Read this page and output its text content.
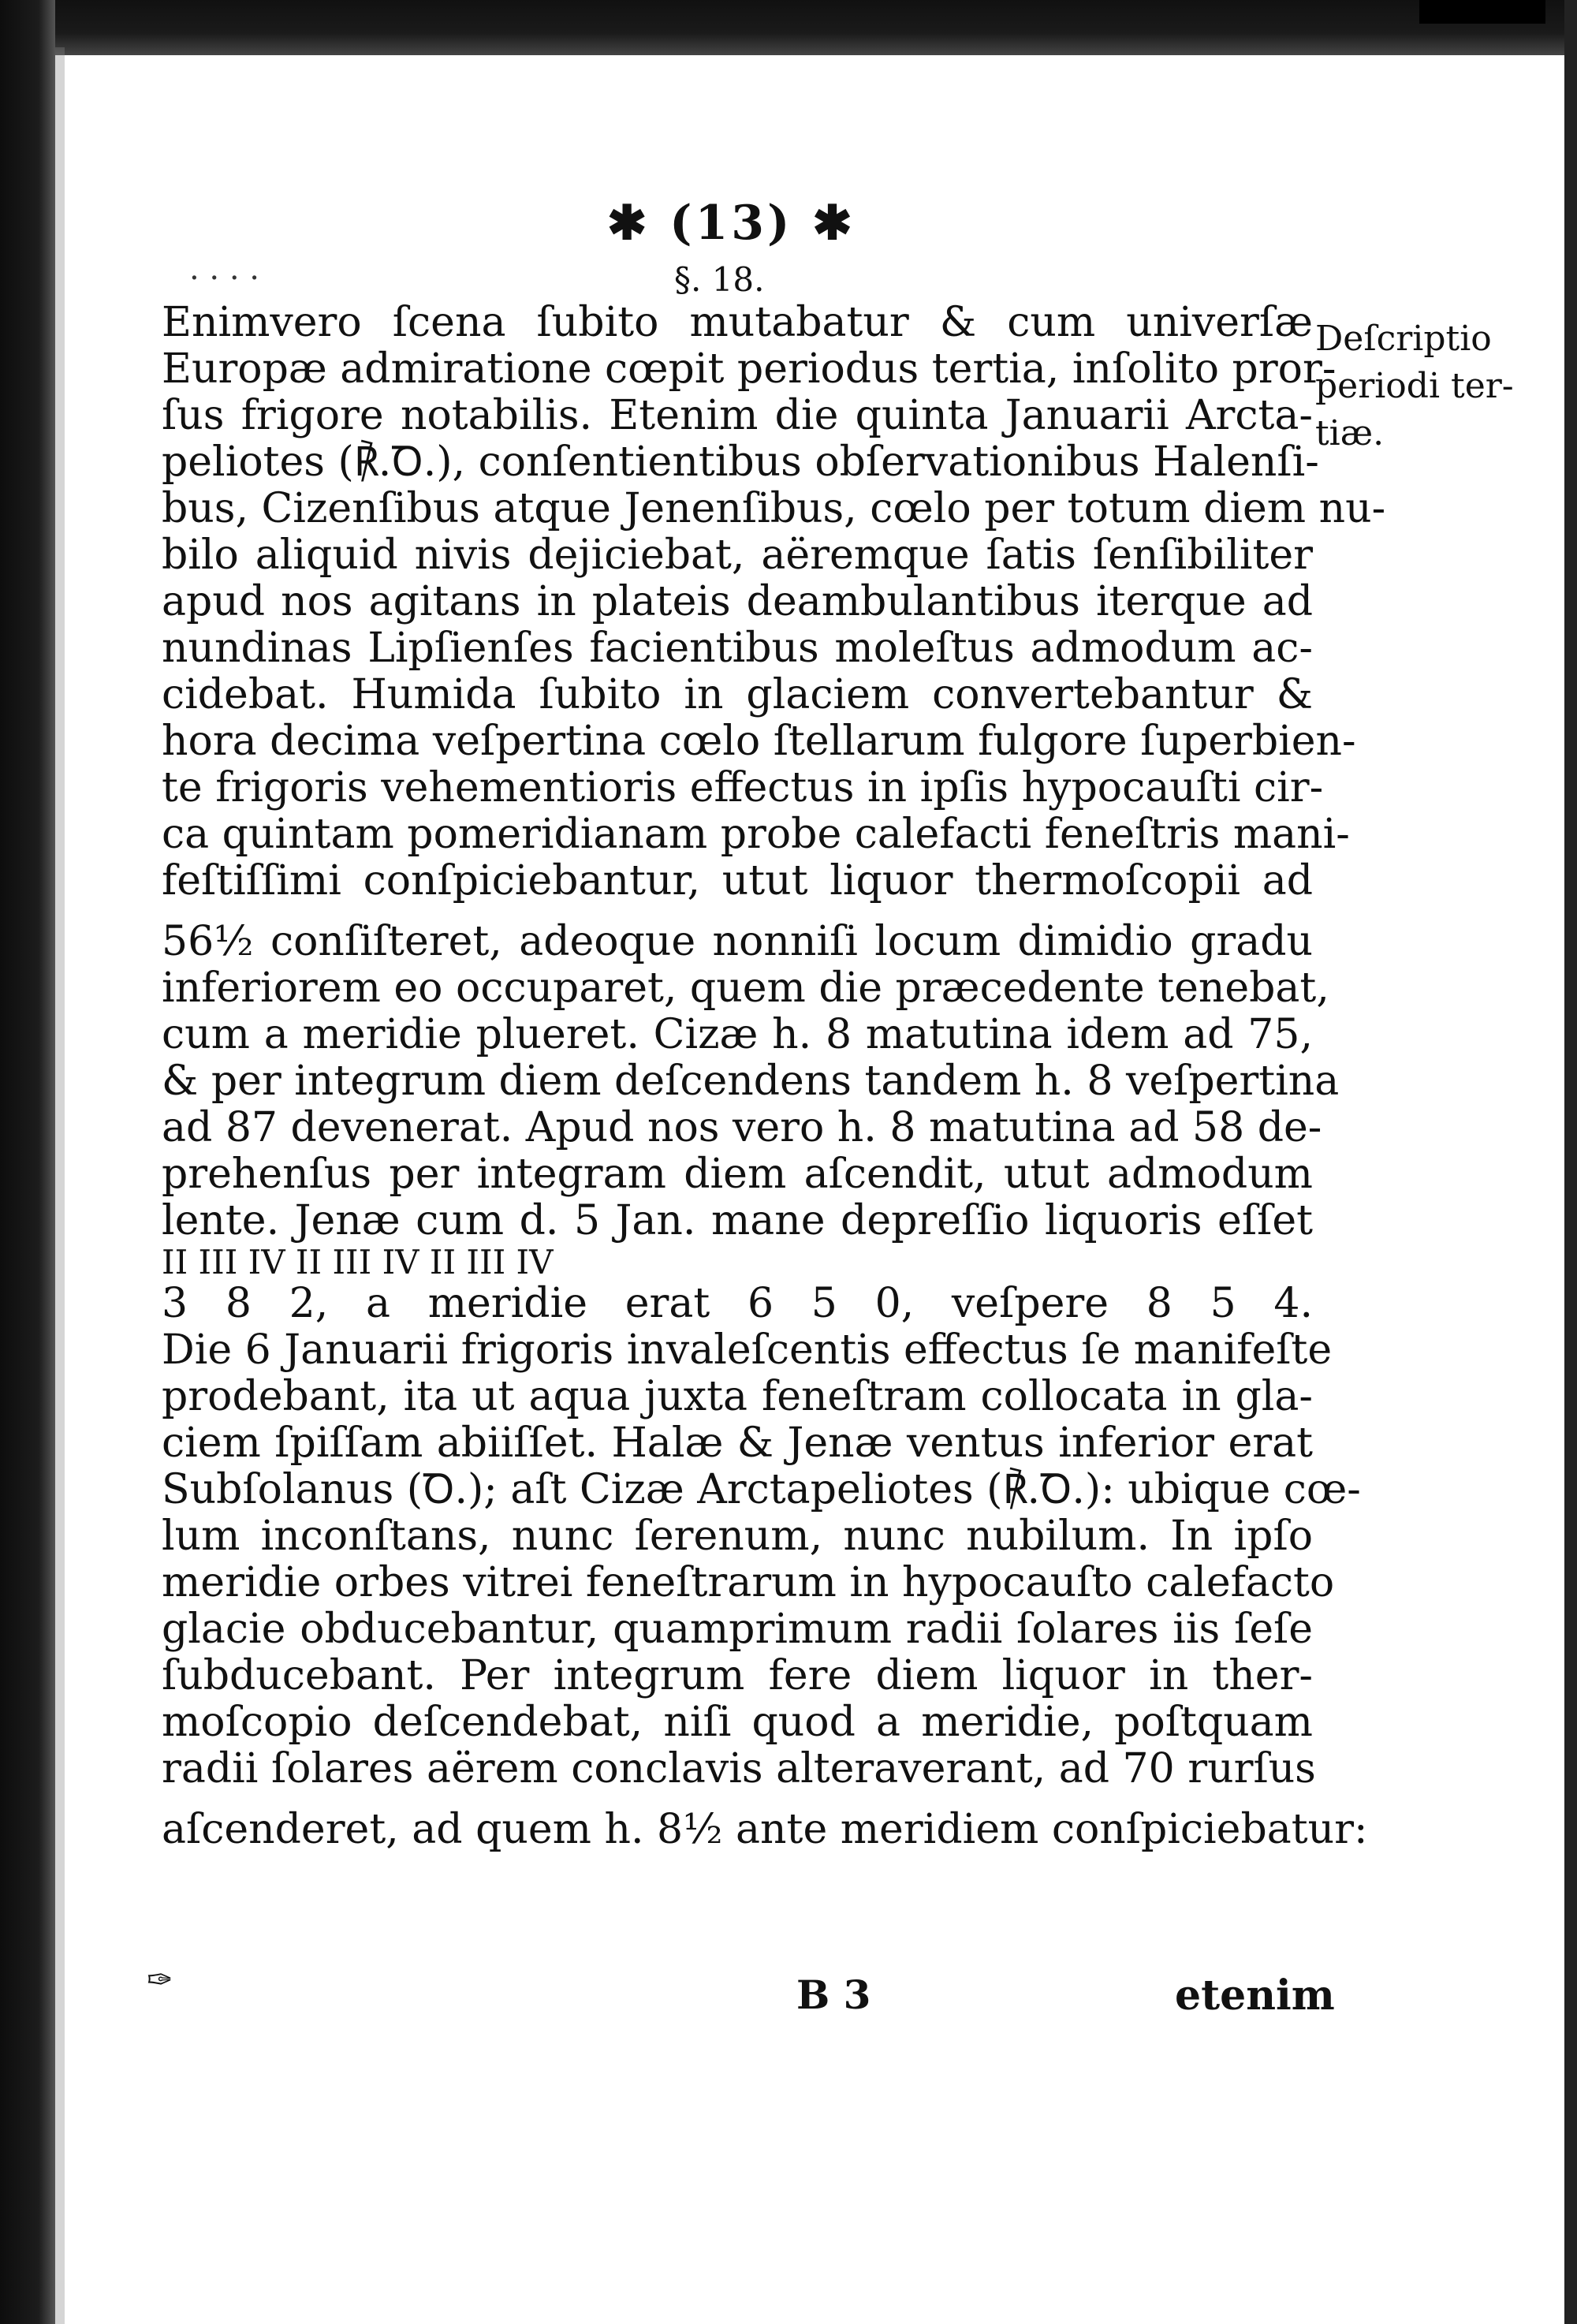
✱ (13) ✱
. . . .	§. 18.
Enimvero ſcena ſubito mutabatur & cum univerſæ
Europæ admiratione cœpit periodus tertia, inſolito pror-
ſus frigore notabilis. Etenim die quinta Januarii Arcta-
peliotes (℟.Ꝺ.), conſentientibus obſervationibus Halenſi-
bus, Cizenſibus atque Jenenſibus, cœlo per totum diem nu-
bilo aliquid nivis dejiciebat, aëremque ſatis ſenſibiliter
apud nos agitans in plateis deambulantibus iterque ad
nundinas Lipſienſes facientibus moleſtus admodum ac-
cidebat. Humida ſubito in glaciem convertebantur &
hora decima veſpertina cœlo ſtellarum fulgore ſuperbien-
te frigoris vehementioris effectus in ipſis hypocauſti cir-
ca quintam pomeridianam probe calefacti feneſtris mani-
feſtiſſimi conſpiciebantur, utut liquor thermoſcopii ad
56½ conſiſteret, adeoque nonniſi locum dimidio gradu
inferiorem eo occuparet, quem die præcedente tenebat,
cum a meridie plueret. Cizæ h. 8 matutina idem ad 75,
& per integrum diem deſcendens tandem h. 8 veſpertina
ad 87 devenerat. Apud nos vero h. 8 matutina ad 58 de-
prehenſus per integram diem aſcendit, utut admodum
lente. Jenæ cum d. 5 Jan. mane depreſſio liquoris eſſet
II III IV II III IV II III IV
3 8 2, a meridie erat 6 5 0, veſpere 8 5 4.
Die 6 Januarii frigoris invaleſcentis effectus ſe manifeſte
prodebant, ita ut aqua juxta feneſtram collocata in gla-
ciem ſpiſſam abiiſſet. Halæ & Jenæ ventus inferior erat
Subſolanus (Ꝺ.); aſt Cizæ Arctapeliotes (℟.Ꝺ.): ubique cœ-
lum inconſtans, nunc ſerenum, nunc nubilum. In ipſo
meridie orbes vitrei feneſtrarum in hypocauſto calefacto
glacie obducebantur, quamprimum radii ſolares iis ſeſe
ſubducebant. Per integrum fere diem liquor in ther-
moſcopio deſcendebat, niſi quod a meridie, poſtquam
radii ſolares aërem conclavis alteraverant, ad 70 rurſus
aſcenderet, ad quem h. 8½ ante meridiem conſpiciebatur:
Deſcriptio
periodi ter-
tiæ.
✑	B 3	etenim
